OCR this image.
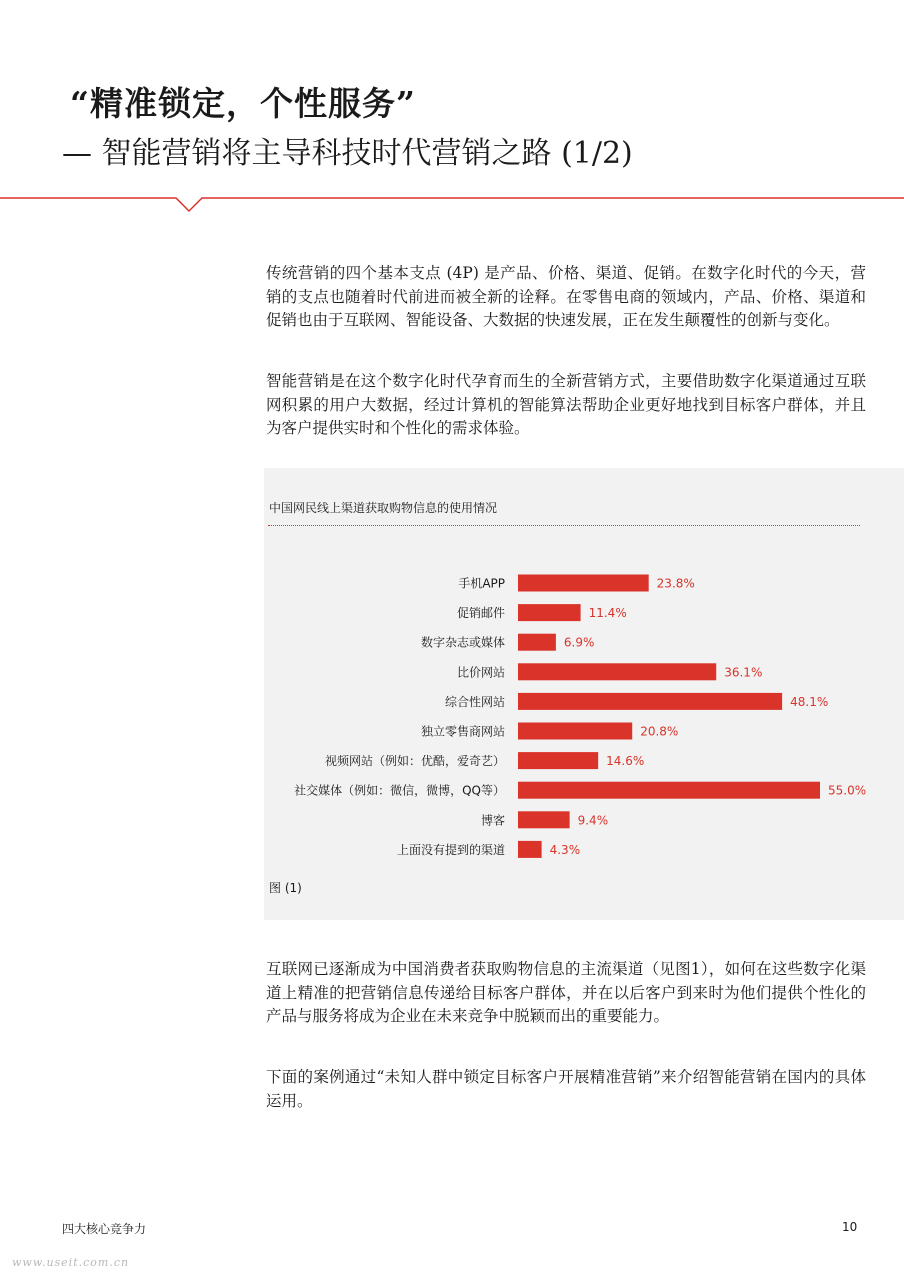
“精准锁定，个性服务”
— 智能营销将主导科技时代营销之路 (1/2)

传统营销的四个基本支点 (4P) 是产品、价格、渠道、促销。在数字化时代的今天，营销的支点也随着时代前进而被全新的诠释。在零售电商的领域内，产品、价格、渠道和促销也由于互联网、智能设备、大数据的快速发展，正在发生颠覆性的创新与变化。

智能营销是在这个数字化时代孕育而生的全新营销方式，主要借助数字化渠道通过互联网积累的用户大数据，经过计算机的智能算法帮助企业更好地找到目标客户群体，并且为客户提供实时和个性化的需求体验。

中国网民线上渠道获取购物信息的使用情况
手机APP	23.8%
促销邮件	11.4%
数字杂志或媒体	6.9%
比价网站	36.1%
综合性网站	48.1%
独立零售商网站	20.8%
视频网站（例如：优酷，爱奇艺）	14.6%
社交媒体（例如：微信，微博，QQ等）	55.0%
博客	9.4%
上面没有提到的渠道	4.3%
图 (1)

互联网已逐渐成为中国消费者获取购物信息的主流渠道（见图1），如何在这些数字化渠道上精准的把营销信息传递给目标客户群体，并在以后客户到来时为他们提供个性化的产品与服务将成为企业在未来竞争中脱颖而出的重要能力。

下面的案例通过“未知人群中锁定目标客户开展精准营销”来介绍智能营销在国内的具体运用。

四大核心竞争力	10
www.useit.com.cn
